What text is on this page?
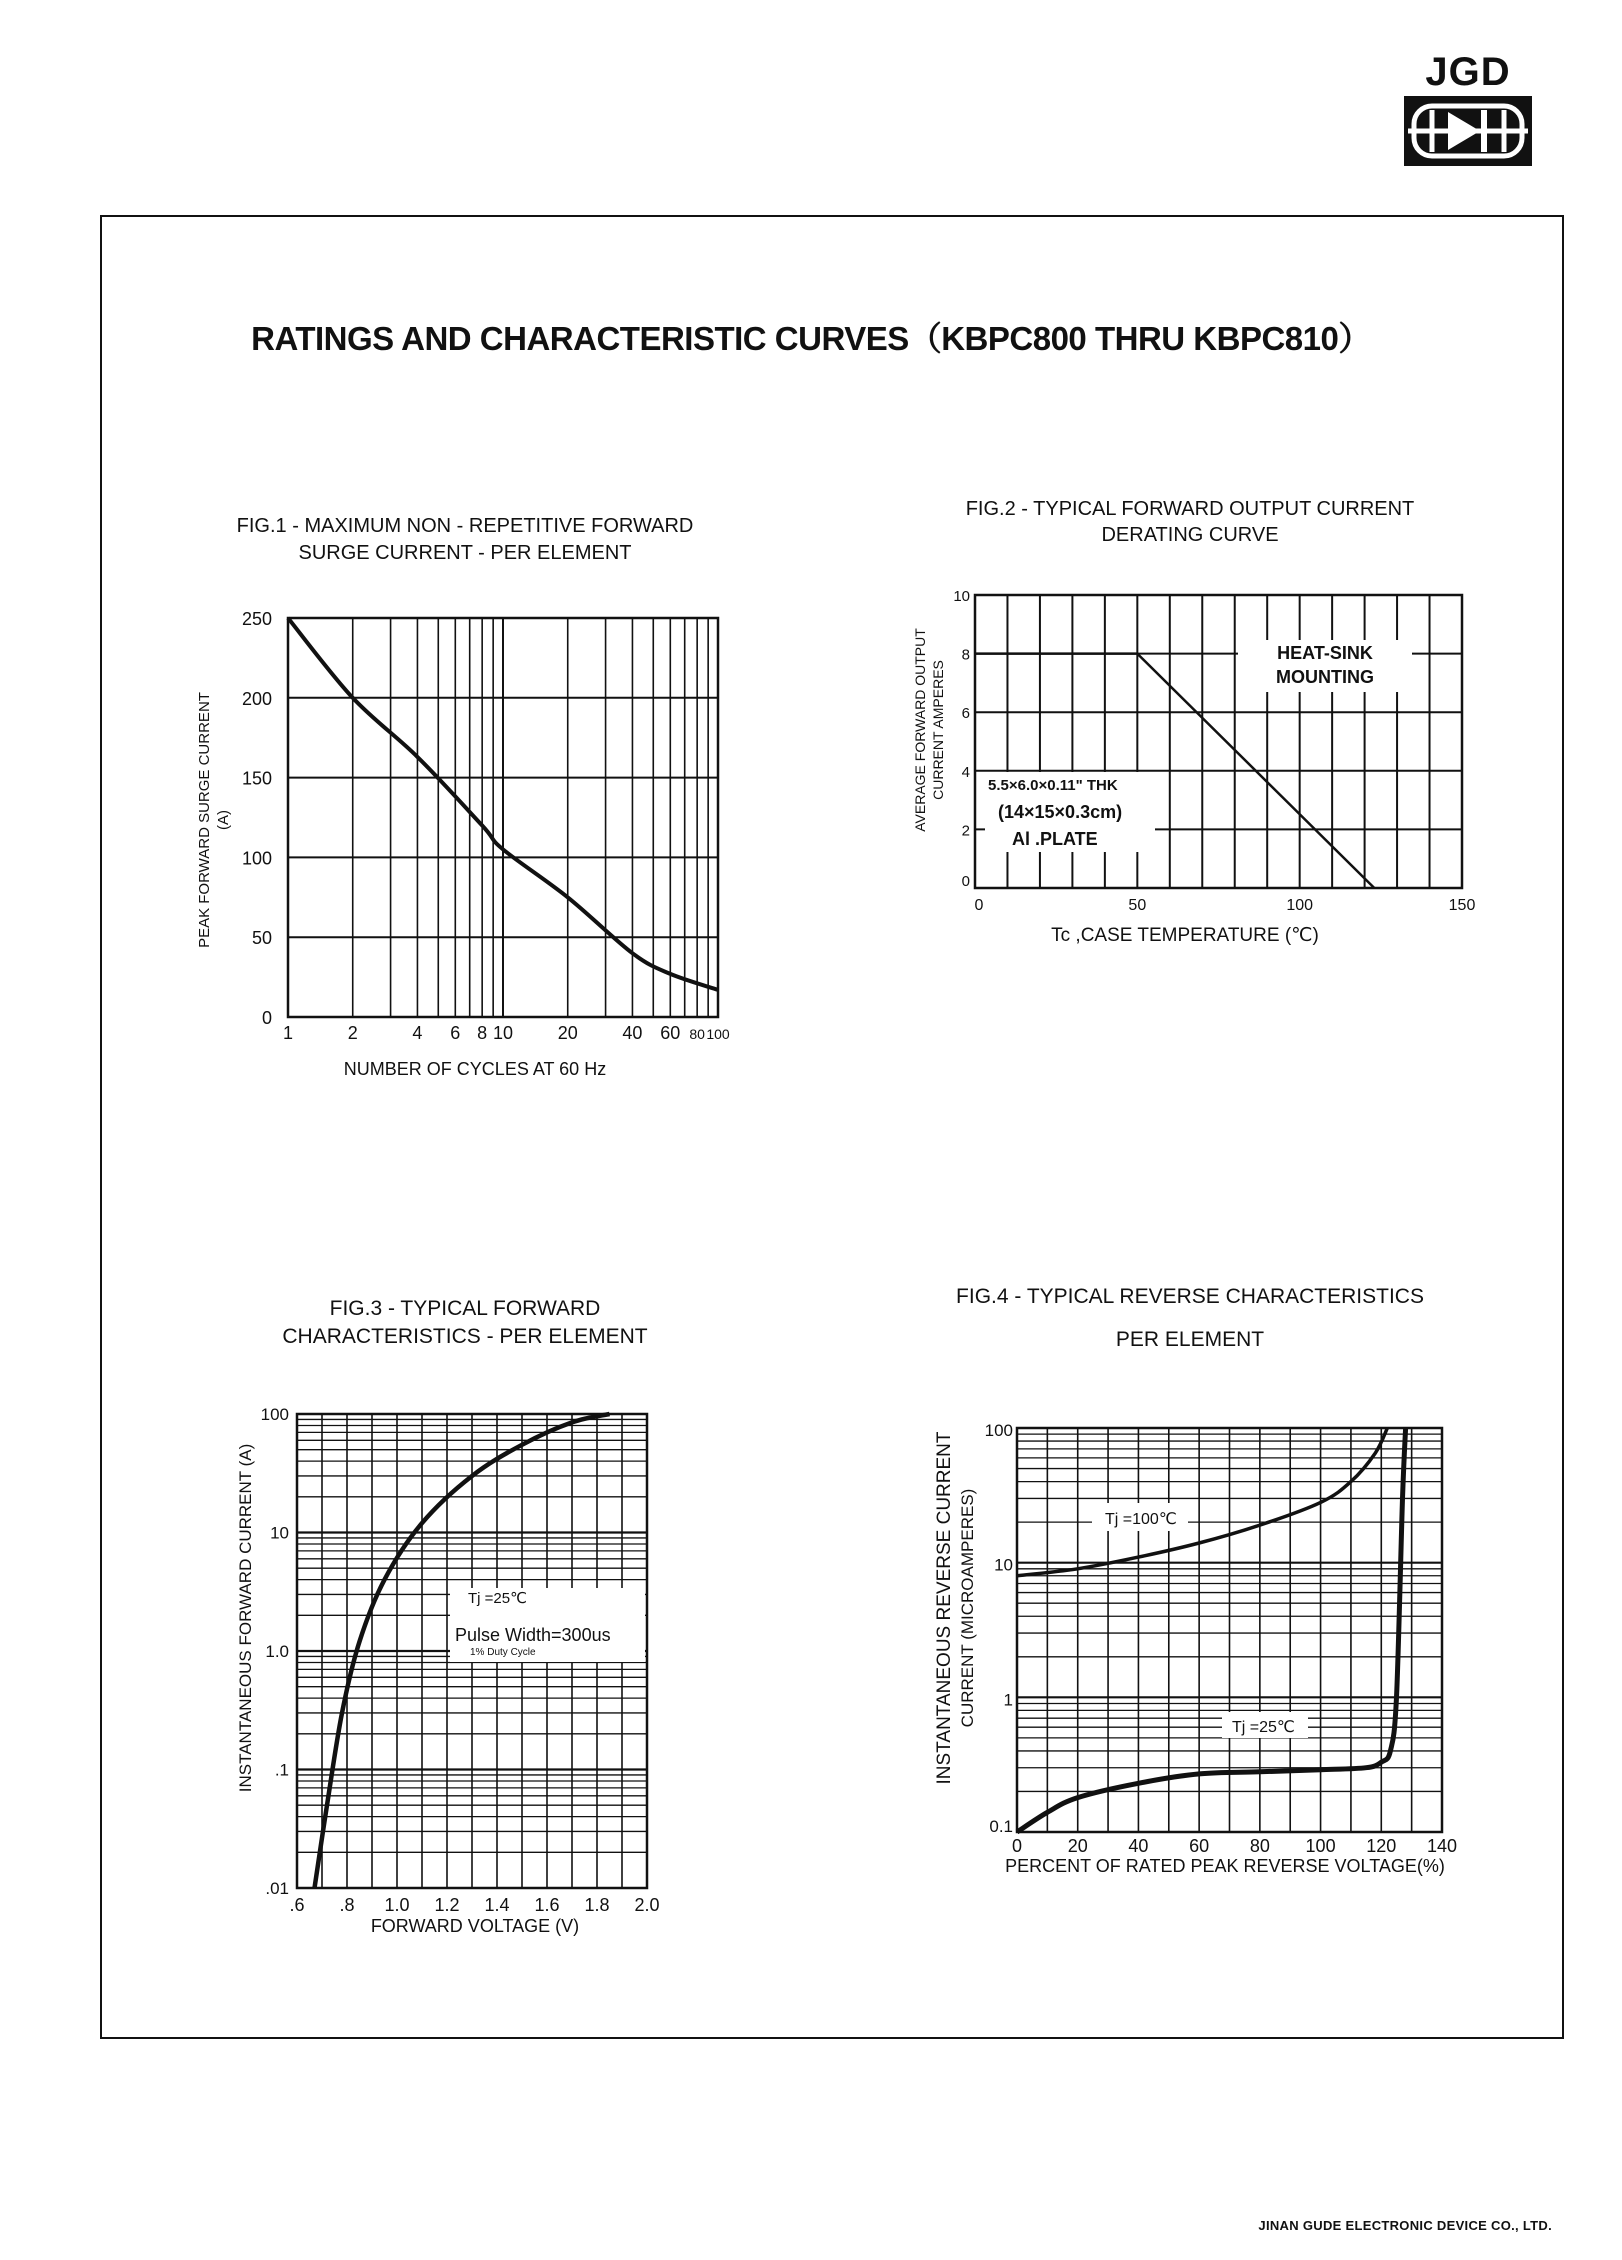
JGD
RATINGS AND CHARACTERISTIC CURVES（KBPC800 THRU KBPC810）
FIG.1 - MAXIMUM NON - REPETITIVE FORWARD
SURGE CURRENT - PER ELEMENT
1	2	4 6 8 10 20 40 60 80 100
0
50
100
150
200
250
NUMBER OF CYCLES AT 60 Hz
PEAK FORWARD SURGE CURRENT (A)
FIG.2 - TYPICAL FORWARD OUTPUT CURRENT
DERATING CURVE
0	50	100	150
0
2
4
6
8
10
HEAT-SINK
MOUNTING
5.5×6.0×0.11" THK
(14×15×0.3cm)
Al .PLATE
Tc ,CASE TEMPERATURE (℃)
AVERAGE FORWARD OUTPUT CURRENT AMPERES
FIG.3 - TYPICAL FORWARD
CHARACTERISTICS - PER ELEMENT
.6 .8 1.0 1.2 1.4 1.6 1.8 2.0
.01
.1
1.0
10
100
Tj =25℃
Pulse Width=300us
1% Duty Cycle
FORWARD VOLTAGE (V)
INSTANTANEOUS FORWARD CURRENT (A)
FIG.4 - TYPICAL REVERSE CHARACTERISTICS
PER ELEMENT
0	20 40 60 80 100 120 140
0.1
1
10
100
Tj =100℃
Tj =25℃
PERCENT OF RATED PEAK REVERSE VOLTAGE(%)
INSTANTANEOUS REVERSE CURRENT CURRENT (MICROAMPERES)
JINAN GUDE ELECTRONIC DEVICE CO., LTD.
